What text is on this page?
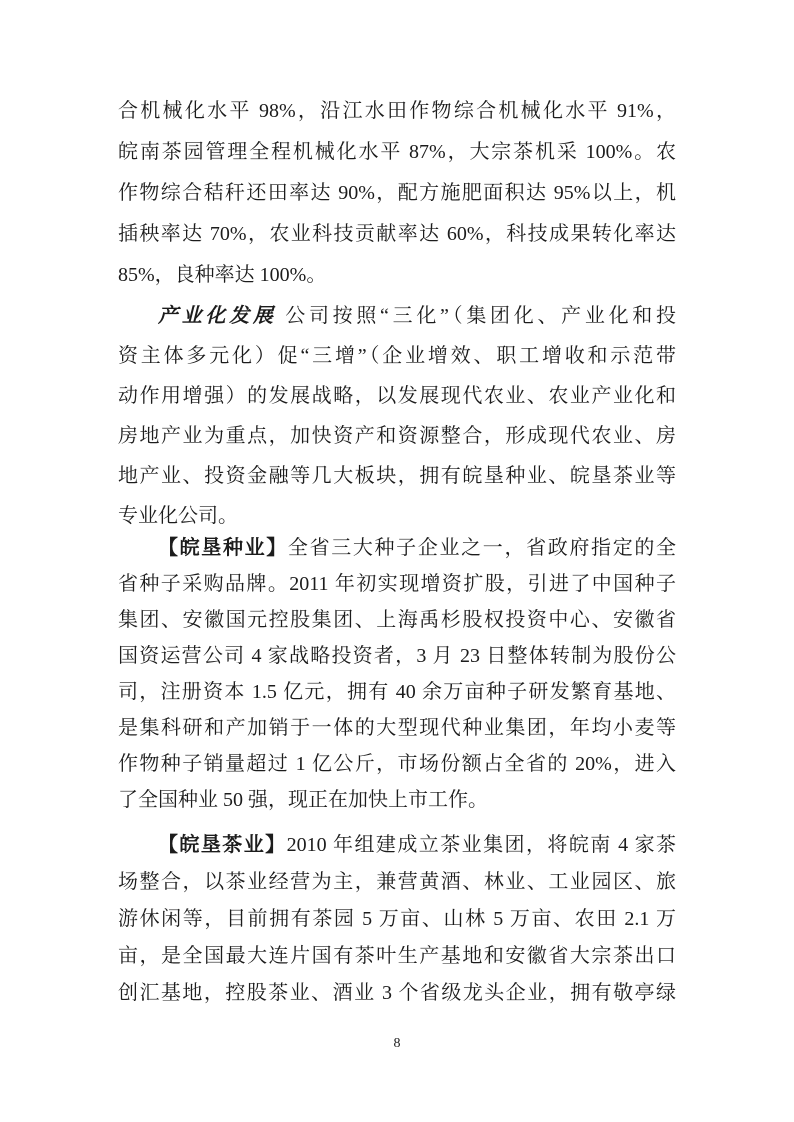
合机械化水平 98%，沿江水田作物综合机械化水平 91%，
皖南茶园管理全程机械化水平 87%，大宗茶机采 100%。农
作物综合秸秆还田率达 90%，配方施肥面积达 95%以上，机
插秧率达 70%，农业科技贡献率达 60%，科技成果转化率达
85%，良种率达 100%。
产业化发展 公司按照“三化”（集团化、产业化和投
资主体多元化）促“三增”（企业增效、职工增收和示范带
动作用增强）的发展战略，以发展现代农业、农业产业化和
房地产业为重点，加快资产和资源整合，形成现代农业、房
地产业、投资金融等几大板块，拥有皖垦种业、皖垦茶业等
专业化公司。
【皖垦种业】全省三大种子企业之一，省政府指定的全
省种子采购品牌。2011 年初实现增资扩股，引进了中国种子
集团、安徽国元控股集团、上海禹杉股权投资中心、安徽省
国资运营公司 4 家战略投资者，3 月 23 日整体转制为股份公
司，注册资本 1.5 亿元，拥有 40 余万亩种子研发繁育基地、
是集科研和产加销于一体的大型现代种业集团，年均小麦等
作物种子销量超过 1 亿公斤，市场份额占全省的 20%，进入
了全国种业 50 强，现正在加快上市工作。
【皖垦茶业】2010 年组建成立茶业集团，将皖南 4 家茶
场整合，以茶业经营为主，兼营黄酒、林业、工业园区、旅
游休闲等，目前拥有茶园 5 万亩、山林 5 万亩、农田 2.1 万
亩，是全国最大连片国有茶叶生产基地和安徽省大宗茶出口
创汇基地，控股茶业、酒业 3 个省级龙头企业，拥有敬亭绿
8
